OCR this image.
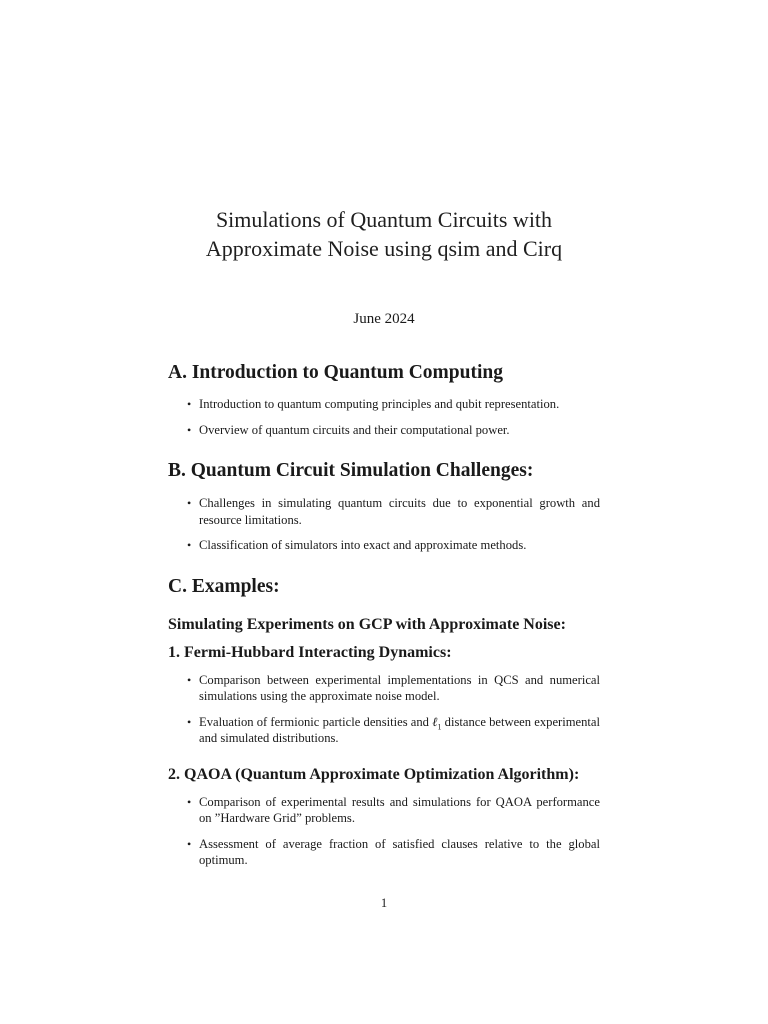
Simulations of Quantum Circuits with

Approximate Noise using qsim and Cirq

June 2024
A. Introduction to Quantum Computing
• Introduction to quantum computing principles and qubit representation.
• Overview of quantum circuits and their computational power.
B. Quantum Circuit Simulation Challenges:
• Challenges in simulating quantum circuits due to exponential growth and resource limitations.
• Classification of simulators into exact and approximate methods.
C. Examples:
Simulating Experiments on GCP with Approximate Noise:
1. Fermi-Hubbard Interacting Dynamics:
• Comparison between experimental implementations in QCS and numerical simulations using the approximate noise model.
• Evaluation of fermionic particle densities and ℓ$_1$ distance between experimental and simulated distributions.
2. QAOA (Quantum Approximate Optimization Algorithm):
• Comparison of experimental results and simulations for QAOA performance on ”Hardware Grid” problems.
• Assessment of average fraction of satisfied clauses relative to the global optimum.
1
